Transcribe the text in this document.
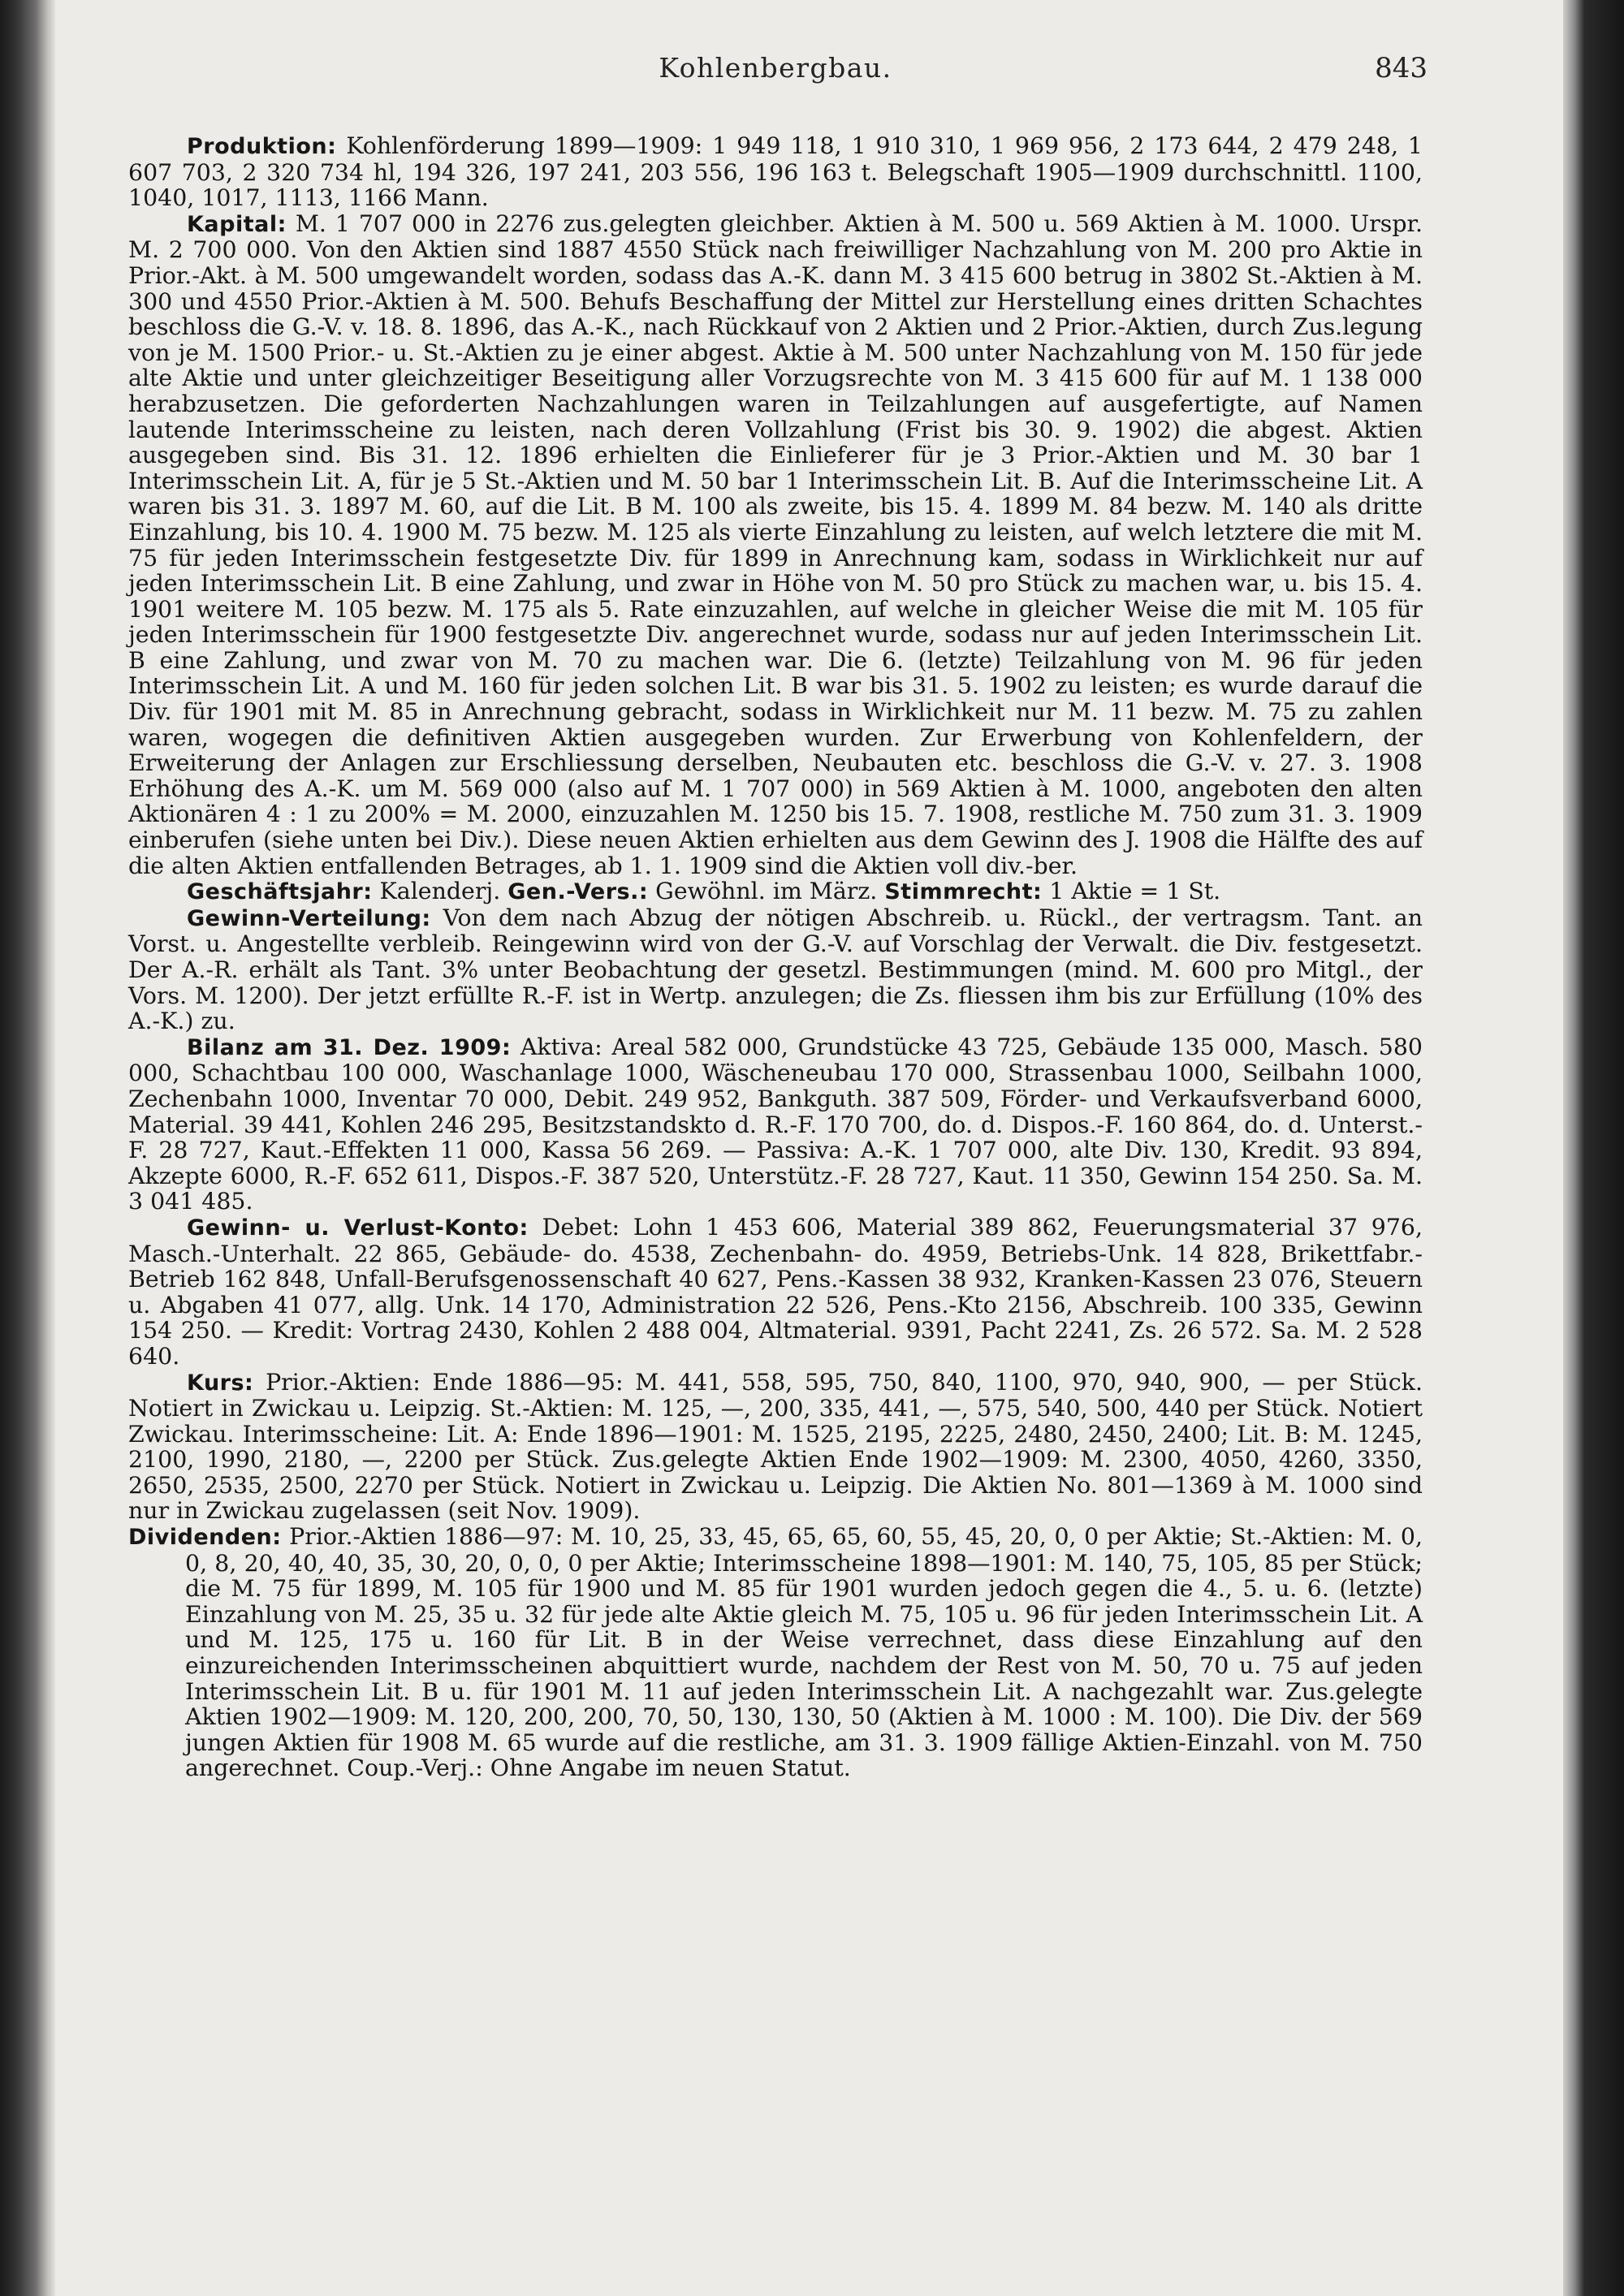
Kohlenbergbau.	843

Produktion: Kohlenförderung 1899—1909: 1 949 118, 1 910 310, 1 969 956, 2 173 644, 2 479 248, 1 607 703, 2 320 734 hl, 194 326, 197 241, 203 556, 196 163 t. Belegschaft 1905—1909 durchschnittl. 1100, 1040, 1017, 1113, 1166 Mann.

Kapital: M. 1 707 000 in 2276 zus.gelegten gleichber. Aktien à M. 500 u. 569 Aktien à M. 1000. Urspr. M. 2 700 000. Von den Aktien sind 1887 4550 Stück nach freiwilliger Nachzahlung von M. 200 pro Aktie in Prior.-Akt. à M. 500 umgewandelt worden, sodass das A.-K. dann M. 3 415 600 betrug in 3802 St.-Aktien à M. 300 und 4550 Prior.-Aktien à M. 500. Behufs Beschaffung der Mittel zur Herstellung eines dritten Schachtes beschloss die G.-V. v. 18. 8. 1896, das A.-K., nach Rückkauf von 2 Aktien und 2 Prior.-Aktien, durch Zus.legung von je M. 1500 Prior.- u. St.-Aktien zu je einer abgest. Aktie à M. 500 unter Nachzahlung von M. 150 für jede alte Aktie und unter gleichzeitiger Beseitigung aller Vorzugsrechte von M. 3 415 600 für auf M. 1 138 000 herabzusetzen. Die geforderten Nachzahlungen waren in Teilzahlungen auf ausgefertigte, auf Namen lautende Interimsscheine zu leisten, nach deren Vollzahlung (Frist bis 30. 9. 1902) die abgest. Aktien ausgegeben sind. Bis 31. 12. 1896 erhielten die Einlieferer für je 3 Prior.-Aktien und M. 30 bar 1 Interimsschein Lit. A, für je 5 St.-Aktien und M. 50 bar 1 Interimsschein Lit. B. Auf die Interimsscheine Lit. A waren bis 31. 3. 1897 M. 60, auf die Lit. B M. 100 als zweite, bis 15. 4. 1899 M. 84 bezw. M. 140 als dritte Einzahlung, bis 10. 4. 1900 M. 75 bezw. M. 125 als vierte Einzahlung zu leisten, auf welch letztere die mit M. 75 für jeden Interimsschein festgesetzte Div. für 1899 in Anrechnung kam, sodass in Wirklichkeit nur auf jeden Interimsschein Lit. B eine Zahlung, und zwar in Höhe von M. 50 pro Stück zu machen war, u. bis 15. 4. 1901 weitere M. 105 bezw. M. 175 als 5. Rate einzuzahlen, auf welche in gleicher Weise die mit M. 105 für jeden Interimsschein für 1900 festgesetzte Div. angerechnet wurde, sodass nur auf jeden Interimsschein Lit. B eine Zahlung, und zwar von M. 70 zu machen war. Die 6. (letzte) Teilzahlung von M. 96 für jeden Interimsschein Lit. A und M. 160 für jeden solchen Lit. B war bis 31. 5. 1902 zu leisten; es wurde darauf die Div. für 1901 mit M. 85 in Anrechnung gebracht, sodass in Wirklichkeit nur M. 11 bezw. M. 75 zu zahlen waren, wogegen die definitiven Aktien ausgegeben wurden. Zur Erwerbung von Kohlenfeldern, der Erweiterung der Anlagen zur Erschliessung derselben, Neubauten etc. beschloss die G.-V. v. 27. 3. 1908 Erhöhung des A.-K. um M. 569 000 (also auf M. 1 707 000) in 569 Aktien à M. 1000, angeboten den alten Aktionären 4 : 1 zu 200% = M. 2000, einzuzahlen M. 1250 bis 15. 7. 1908, restliche M. 750 zum 31. 3. 1909 einberufen (siehe unten bei Div.). Diese neuen Aktien erhielten aus dem Gewinn des J. 1908 die Hälfte des auf die alten Aktien entfallenden Betrages, ab 1. 1. 1909 sind die Aktien voll div.-ber.

Geschäftsjahr: Kalenderj. Gen.-Vers.: Gewöhnl. im März. Stimmrecht: 1 Aktie = 1 St.

Gewinn-Verteilung: Von dem nach Abzug der nötigen Abschreib. u. Rückl., der vertragsm. Tant. an Vorst. u. Angestellte verbleib. Reingewinn wird von der G.-V. auf Vorschlag der Verwalt. die Div. festgesetzt. Der A.-R. erhält als Tant. 3% unter Beobachtung der gesetzl. Bestimmungen (mind. M. 600 pro Mitgl., der Vors. M. 1200). Der jetzt erfüllte R.-F. ist in Wertp. anzulegen; die Zs. fliessen ihm bis zur Erfüllung (10% des A.-K.) zu.

Bilanz am 31. Dez. 1909: Aktiva: Areal 582 000, Grundstücke 43 725, Gebäude 135 000, Masch. 580 000, Schachtbau 100 000, Waschanlage 1000, Wäscheneubau 170 000, Strassenbau 1000, Seilbahn 1000, Zechenbahn 1000, Inventar 70 000, Debit. 249 952, Bankguth. 387 509, Förder- und Verkaufsverband 6000, Material. 39 441, Kohlen 246 295, Besitzstandskto d. R.-F. 170 700, do. d. Dispos.-F. 160 864, do. d. Unterst.-F. 28 727, Kaut.-Effekten 11 000, Kassa 56 269. — Passiva: A.-K. 1 707 000, alte Div. 130, Kredit. 93 894, Akzepte 6000, R.-F. 652 611, Dispos.-F. 387 520, Unterstütz.-F. 28 727, Kaut. 11 350, Gewinn 154 250. Sa. M. 3 041 485.

Gewinn- u. Verlust-Konto: Debet: Lohn 1 453 606, Material 389 862, Feuerungsmaterial 37 976, Masch.-Unterhalt. 22 865, Gebäude- do. 4538, Zechenbahn- do. 4959, Betriebs-Unk. 14 828, Brikettfabr.-Betrieb 162 848, Unfall-Berufsgenossenschaft 40 627, Pens.-Kassen 38 932, Kranken-Kassen 23 076, Steuern u. Abgaben 41 077, allg. Unk. 14 170, Administration 22 526, Pens.-Kto 2156, Abschreib. 100 335, Gewinn 154 250. — Kredit: Vortrag 2430, Kohlen 2 488 004, Altmaterial. 9391, Pacht 2241, Zs. 26 572. Sa. M. 2 528 640.

Kurs: Prior.-Aktien: Ende 1886—95: M. 441, 558, 595, 750, 840, 1100, 970, 940, 900, — per Stück. Notiert in Zwickau u. Leipzig. St.-Aktien: M. 125, —, 200, 335, 441, —, 575, 540, 500, 440 per Stück. Notiert Zwickau. Interimsscheine: Lit. A: Ende 1896—1901: M. 1525, 2195, 2225, 2480, 2450, 2400; Lit. B: M. 1245, 2100, 1990, 2180, —, 2200 per Stück. Zus.gelegte Aktien Ende 1902—1909: M. 2300, 4050, 4260, 3350, 2650, 2535, 2500, 2270 per Stück. Notiert in Zwickau u. Leipzig. Die Aktien No. 801—1369 à M. 1000 sind nur in Zwickau zugelassen (seit Nov. 1909).

Dividenden: Prior.-Aktien 1886—97: M. 10, 25, 33, 45, 65, 65, 60, 55, 45, 20, 0, 0 per Aktie; St.-Aktien: M. 0, 0, 8, 20, 40, 40, 35, 30, 20, 0, 0, 0 per Aktie; Interimsscheine 1898—1901: M. 140, 75, 105, 85 per Stück; die M. 75 für 1899, M. 105 für 1900 und M. 85 für 1901 wurden jedoch gegen die 4., 5. u. 6. (letzte) Einzahlung von M. 25, 35 u. 32 für jede alte Aktie gleich M. 75, 105 u. 96 für jeden Interimsschein Lit. A und M. 125, 175 u. 160 für Lit. B in der Weise verrechnet, dass diese Einzahlung auf den einzureichenden Interimsscheinen abquittiert wurde, nachdem der Rest von M. 50, 70 u. 75 auf jeden Interimsschein Lit. B u. für 1901 M. 11 auf jeden Interimsschein Lit. A nachgezahlt war. Zus.gelegte Aktien 1902—1909: M. 120, 200, 200, 70, 50, 130, 130, 50 (Aktien à M. 1000 : M. 100). Die Div. der 569 jungen Aktien für 1908 M. 65 wurde auf die restliche, am 31. 3. 1909 fällige Aktien-Einzahl. von M. 750 angerechnet. Coup.-Verj.: Ohne Angabe im neuen Statut.
